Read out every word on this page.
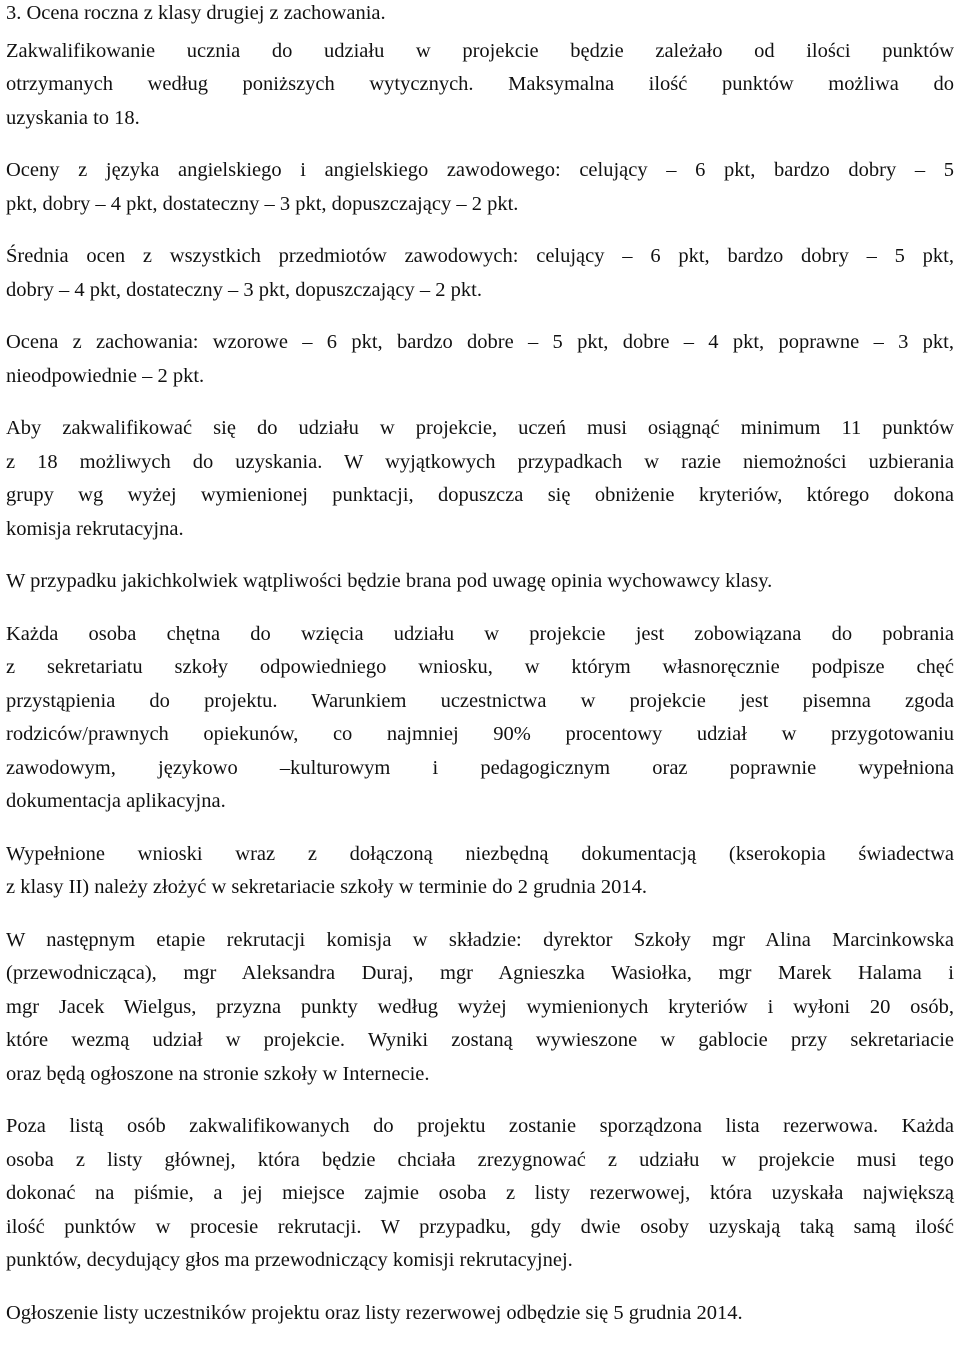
3. Ocena roczna z klasy drugiej z zachowania.

Zakwalifikowanie ucznia do udziału w projekcie będzie zależało od ilości punktów
otrzymanych według poniższych wytycznych. Maksymalna ilość punktów możliwa do
uzyskania to 18.

Oceny z języka angielskiego i angielskiego zawodowego: celujący – 6 pkt, bardzo dobry – 5
pkt, dobry – 4 pkt, dostateczny – 3 pkt, dopuszczający – 2 pkt.

Średnia ocen z wszystkich przedmiotów zawodowych: celujący – 6 pkt, bardzo dobry – 5 pkt,
dobry – 4 pkt, dostateczny – 3 pkt, dopuszczający – 2 pkt.

Ocena z zachowania: wzorowe – 6 pkt, bardzo dobre – 5 pkt, dobre – 4 pkt, poprawne – 3 pkt,
nieodpowiednie – 2 pkt.

Aby zakwalifikować się do udziału w projekcie, uczeń musi osiągnąć minimum 11 punktów
z 18 możliwych do uzyskania. W wyjątkowych przypadkach w razie niemożności uzbierania
grupy wg wyżej wymienionej punktacji, dopuszcza się obniżenie kryteriów, którego dokona
komisja rekrutacyjna.

W przypadku jakichkolwiek wątpliwości będzie brana pod uwagę opinia wychowawcy klasy.

Każda osoba chętna do wzięcia udziału w projekcie jest zobowiązana do pobrania
z sekretariatu szkoły odpowiedniego wniosku, w którym własnoręcznie podpisze chęć
przystąpienia do projektu. Warunkiem uczestnictwa w projekcie jest pisemna zgoda
rodziców/prawnych opiekunów, co najmniej 90% procentowy udział w przygotowaniu
zawodowym, językowo –kulturowym i pedagogicznym oraz poprawnie wypełniona
dokumentacja aplikacyjna.

Wypełnione wnioski wraz z dołączoną niezbędną dokumentacją (kserokopia świadectwa
z klasy II) należy złożyć w sekretariacie szkoły w terminie do 2 grudnia 2014.

W następnym etapie rekrutacji komisja w składzie: dyrektor Szkoły mgr Alina Marcinkowska
(przewodnicząca), mgr Aleksandra Duraj, mgr Agnieszka Wasiołka, mgr Marek Halama i
mgr Jacek Wielgus, przyzna punkty według wyżej wymienionych kryteriów i wyłoni 20 osób,
które wezmą udział w projekcie. Wyniki zostaną wywieszone w gablocie przy sekretariacie
oraz będą ogłoszone na stronie szkoły w Internecie.

Poza listą osób zakwalifikowanych do projektu zostanie sporządzona lista rezerwowa. Każda
osoba z listy głównej, która będzie chciała zrezygnować z udziału w projekcie musi tego
dokonać na piśmie, a jej miejsce zajmie osoba z listy rezerwowej, która uzyskała największą
ilość punktów w procesie rekrutacji. W przypadku, gdy dwie osoby uzyskają taką samą ilość
punktów, decydujący głos ma przewodniczący komisji rekrutacyjnej.

Ogłoszenie listy uczestników projektu oraz listy rezerwowej odbędzie się 5 grudnia 2014.
